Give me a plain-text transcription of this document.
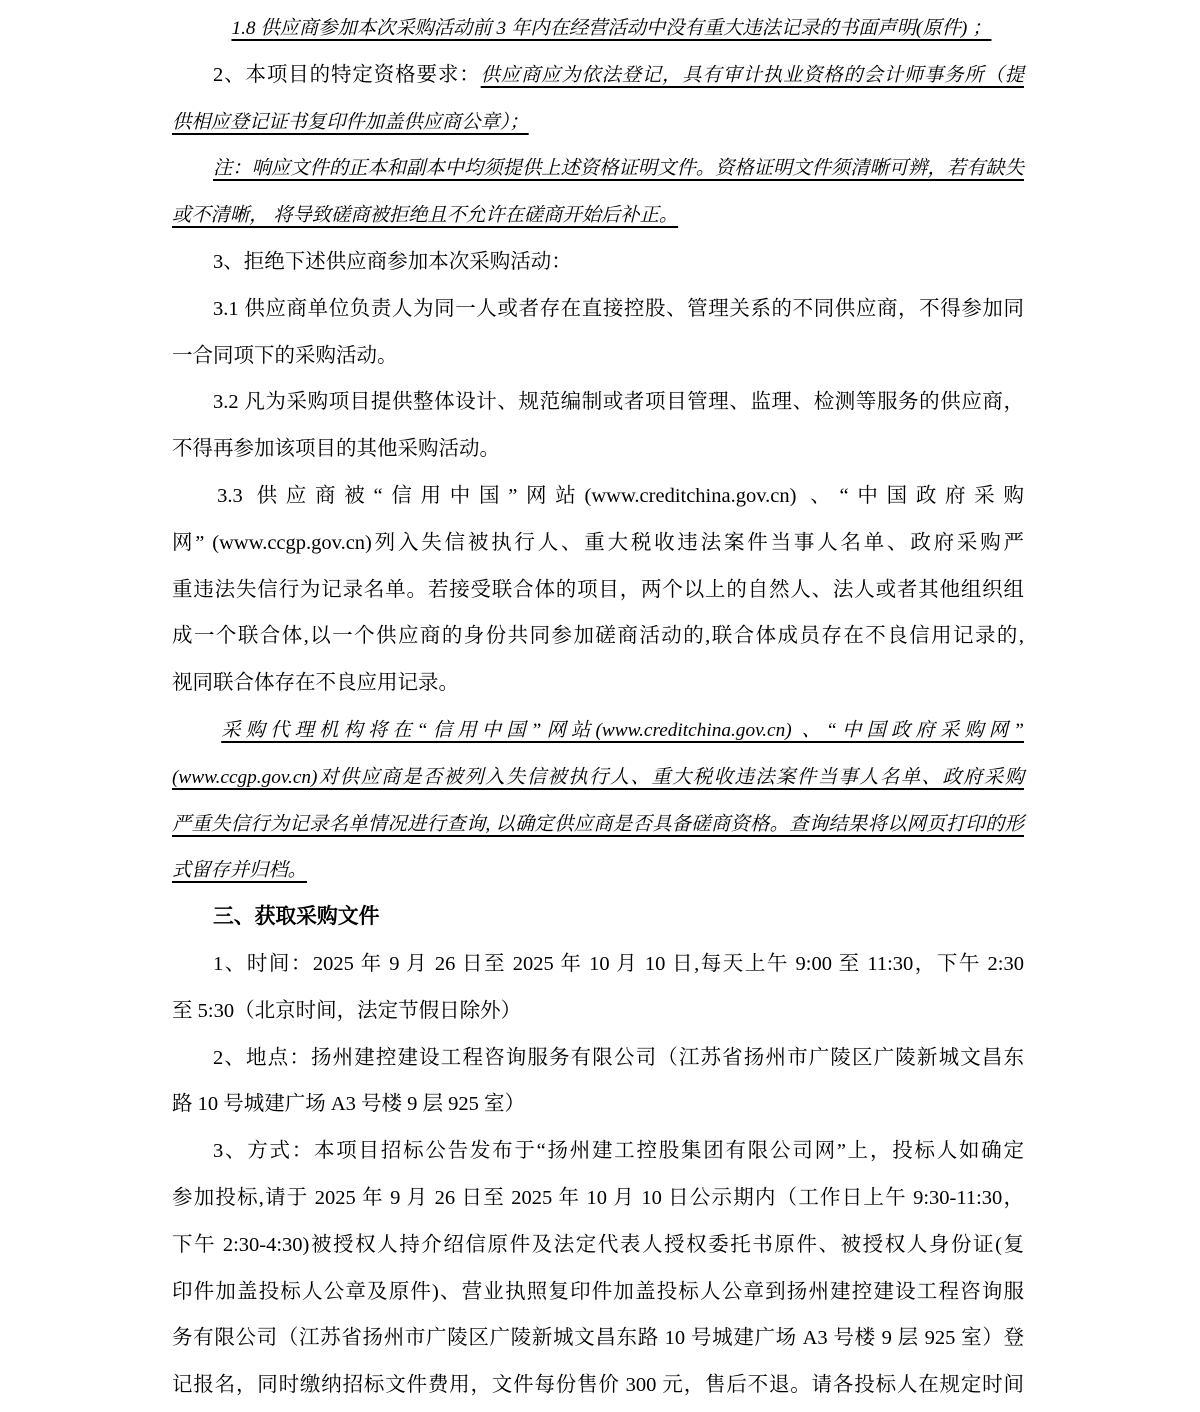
1.8 供应商参加本次采购活动前 3 年内在经营活动中没有重大违法记录的书面声明(原件) ；
2、本项目的特定资格要求：供应商应为依法登记，具有审计执业资格的会计师事务所（提
供相应登记证书复印件加盖供应商公章）；
注：响应文件的正本和副本中均须提供上述资格证明文件。资格证明文件须清晰可辨，若有缺失
或不清晰， 将导致磋商被拒绝且不允许在磋商开始后补正。
3、拒绝下述供应商参加本次采购活动：
3.1 供应商单位负责人为同一人或者存在直接控股、管理关系的不同供应商，不得参加同
一合同项下的采购活动。
3.2 凡为采购项目提供整体设计、规范编制或者项目管理、监理、检测等服务的供应商，
不得再参加该项目的其他采购活动。
3.3 供应商被“信用中国”网站(www.creditchina.gov.cn) 、“中国政府采购
网” (www.ccgp.gov.cn)列入失信被执行人、重大税收违法案件当事人名单、政府采购严
重违法失信行为记录名单。若接受联合体的项目，两个以上的自然人、法人或者其他组织组
成一个联合体,以一个供应商的身份共同参加磋商活动的,联合体成员存在不良信用记录的,
视同联合体存在不良应用记录。
采购代理机构将在“信用中国”网站(www.creditchina.gov.cn) 、“中国政府采购网”
(www.ccgp.gov.cn)对供应商是否被列入失信被执行人、重大税收违法案件当事人名单、政府采购
严重失信行为记录名单情况进行查询, 以确定供应商是否具备磋商资格。查询结果将以网页打印的形
式留存并归档。
三、获取采购文件
1、时间：2025 年 9 月 26 日至 2025 年 10 月 10 日,每天上午 9:00 至 11:30，下午 2:30
至 5:30（北京时间，法定节假日除外）
2、地点：扬州建控建设工程咨询服务有限公司（江苏省扬州市广陵区广陵新城文昌东
路 10 号城建广场 A3 号楼 9 层 925 室）
3、方式：本项目招标公告发布于“扬州建工控股集团有限公司网”上，投标人如确定
参加投标,请于 2025 年 9 月 26 日至 2025 年 10 月 10 日公示期内（工作日上午 9:30-11:30，
下午 2:30-4:30)被授权人持介绍信原件及法定代表人授权委托书原件、被授权人身份证(复
印件加盖投标人公章及原件)、营业执照复印件加盖投标人公章到扬州建控建设工程咨询服
务有限公司（江苏省扬州市广陵区广陵新城文昌东路 10 号城建广场 A3 号楼 9 层 925 室）登
记报名，同时缴纳招标文件费用，文件每份售价 300 元，售后不退。请各投标人在规定时间
